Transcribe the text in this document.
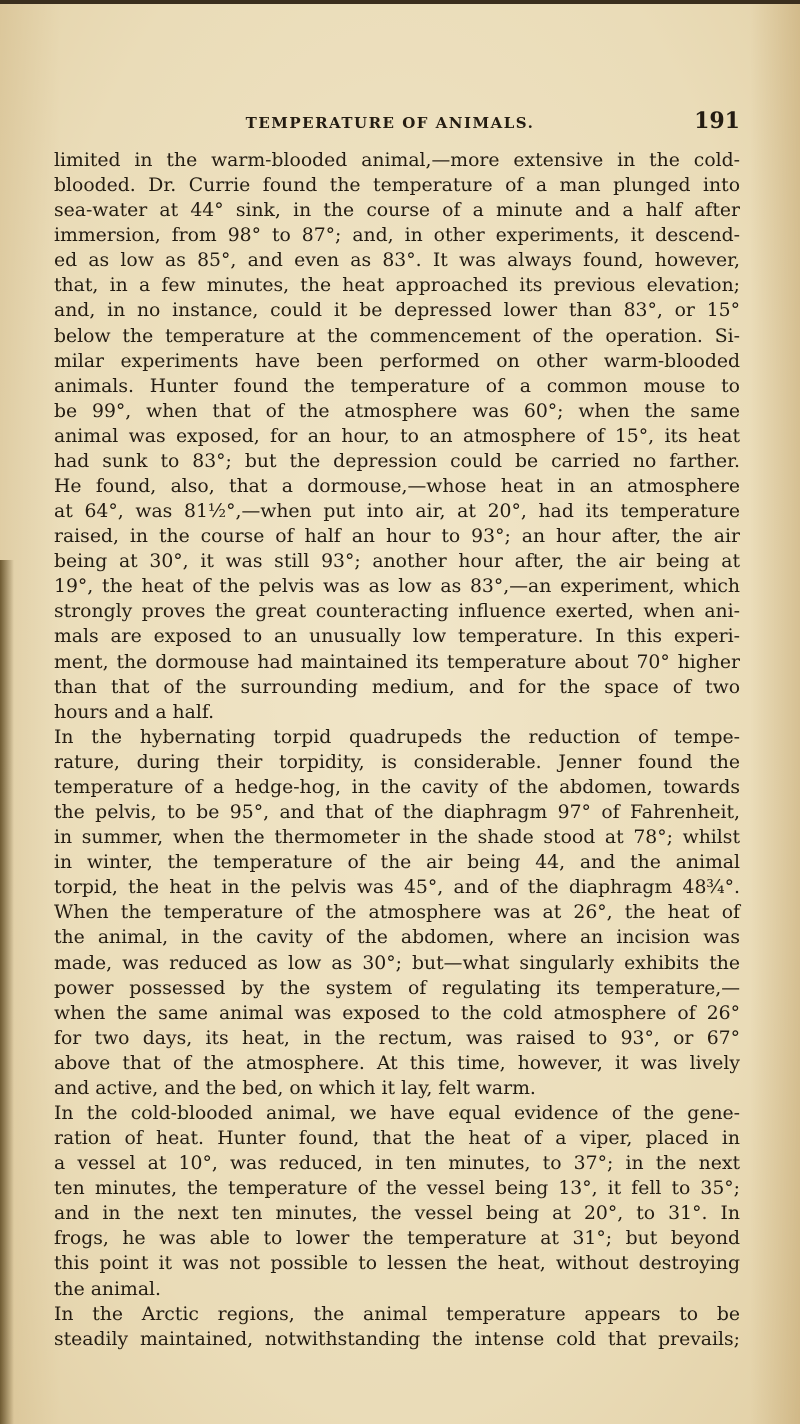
TEMPERATURE OF ANIMALS.	191
limited in the warm-blooded animal,—more extensive in the cold-
blooded. Dr. Currie found the temperature of a man plunged into
sea-water at 44° sink, in the course of a minute and a half after
immersion, from 98° to 87°; and, in other experiments, it descend-
ed as low as 85°, and even as 83°. It was always found, however,
that, in a few minutes, the heat approached its previous elevation;
and, in no instance, could it be depressed lower than 83°, or 15°
below the temperature at the commencement of the operation. Si-
milar experiments have been performed on other warm-blooded
animals. Hunter found the temperature of a common mouse to
be 99°, when that of the atmosphere was 60°; when the same
animal was exposed, for an hour, to an atmosphere of 15°, its heat
had sunk to 83°; but the depression could be carried no farther.
He found, also, that a dormouse,—whose heat in an atmosphere
at 64°, was 81½°,—when put into air, at 20°, had its temperature
raised, in the course of half an hour to 93°; an hour after, the air
being at 30°, it was still 93°; another hour after, the air being at
19°, the heat of the pelvis was as low as 83°,—an experiment, which
strongly proves the great counteracting influence exerted, when ani-
mals are exposed to an unusually low temperature. In this experi-
ment, the dormouse had maintained its temperature about 70° higher
than that of the surrounding medium, and for the space of two
hours and a half.
In the hybernating torpid quadrupeds the reduction of tempe-
rature, during their torpidity, is considerable. Jenner found the
temperature of a hedge-hog, in the cavity of the abdomen, towards
the pelvis, to be 95°, and that of the diaphragm 97° of Fahrenheit,
in summer, when the thermometer in the shade stood at 78°; whilst
in winter, the temperature of the air being 44, and the animal
torpid, the heat in the pelvis was 45°, and of the diaphragm 48¾°.
When the temperature of the atmosphere was at 26°, the heat of
the animal, in the cavity of the abdomen, where an incision was
made, was reduced as low as 30°; but—what singularly exhibits the
power possessed by the system of regulating its temperature,—
when the same animal was exposed to the cold atmosphere of 26°
for two days, its heat, in the rectum, was raised to 93°, or 67°
above that of the atmosphere. At this time, however, it was lively
and active, and the bed, on which it lay, felt warm.
In the cold-blooded animal, we have equal evidence of the gene-
ration of heat. Hunter found, that the heat of a viper, placed in
a vessel at 10°, was reduced, in ten minutes, to 37°; in the next
ten minutes, the temperature of the vessel being 13°, it fell to 35°;
and in the next ten minutes, the vessel being at 20°, to 31°. In
frogs, he was able to lower the temperature at 31°; but beyond
this point it was not possible to lessen the heat, without destroying
the animal.
In the Arctic regions, the animal temperature appears to be
steadily maintained, notwithstanding the intense cold that prevails;
